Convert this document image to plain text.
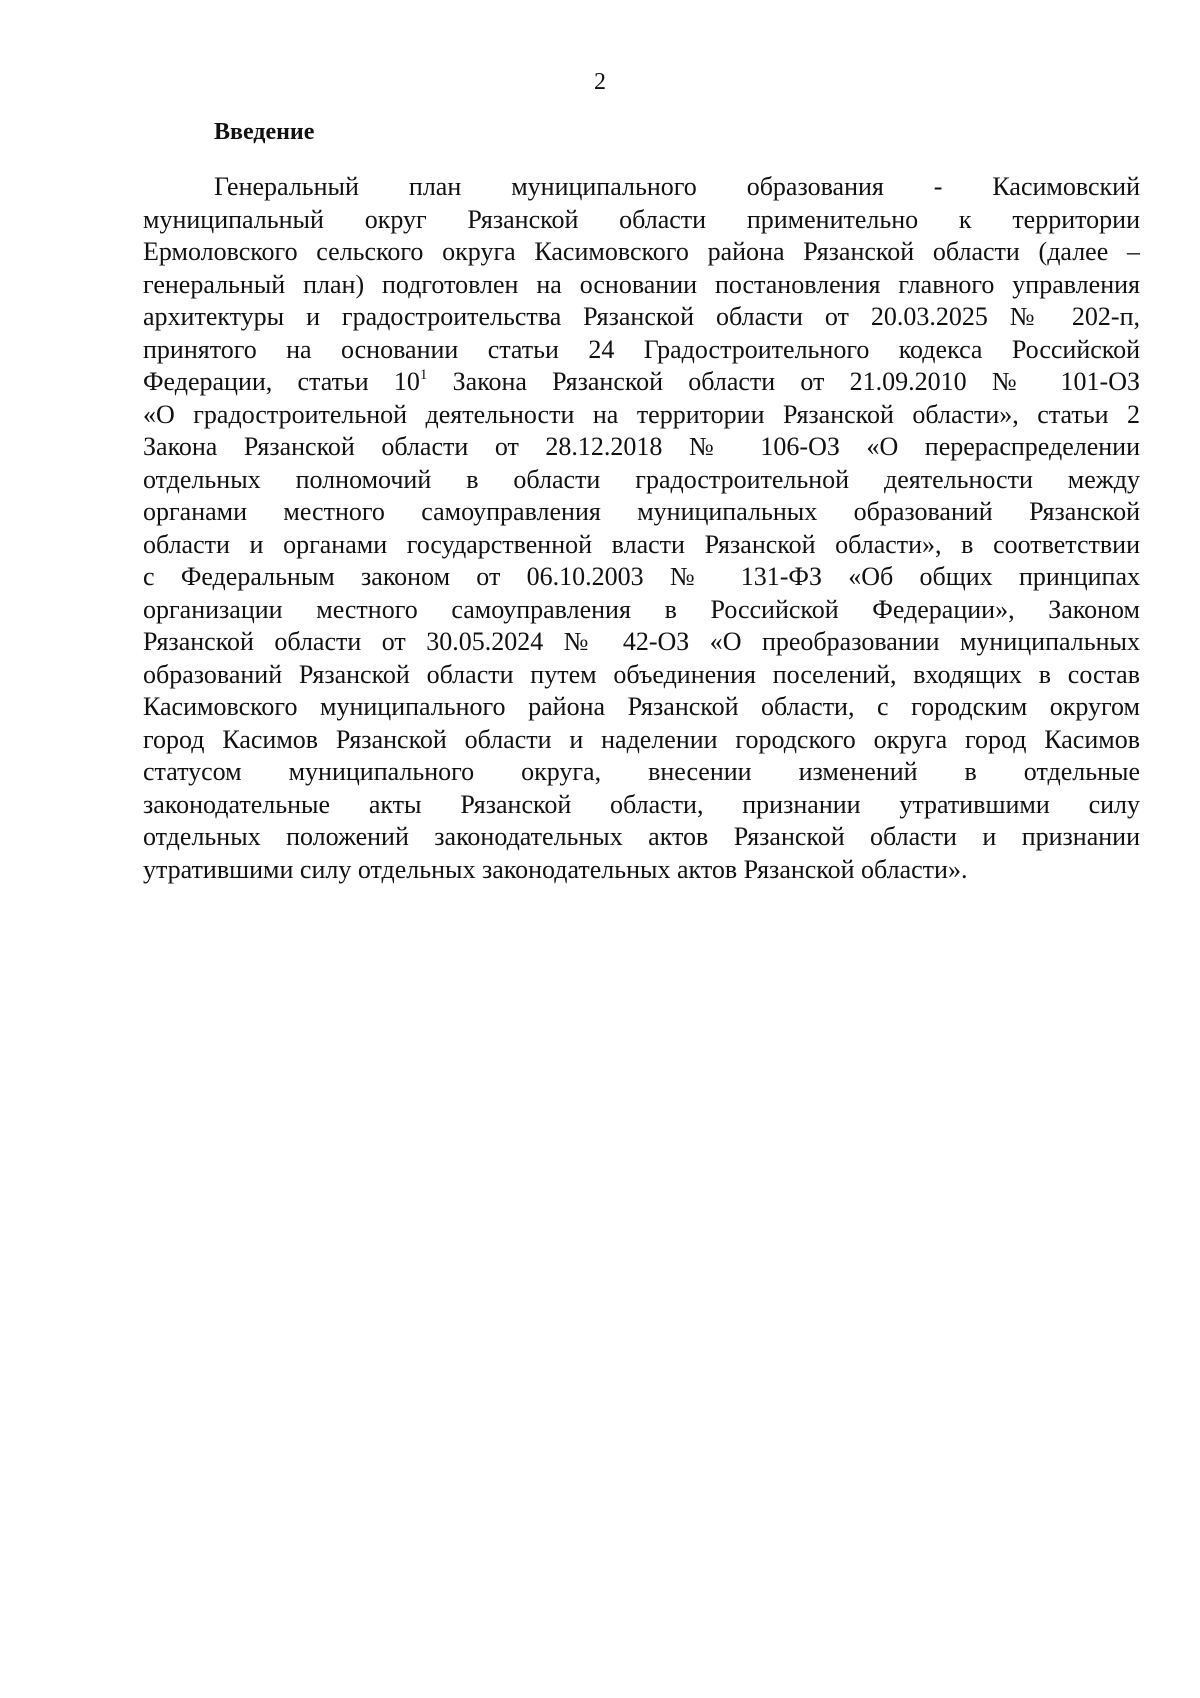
2
Введение
Генеральный план муниципального образования - Касимовский
муниципальный округ Рязанской области применительно к территории
Ермоловского сельского округа Касимовского района Рязанской области (далее –
генеральный план) подготовлен на основании постановления главного управления
архитектуры и градостроительства Рязанской области от 20.03.2025 № 202-п,
принятого на основании статьи 24 Градостроительного кодекса Российской
Федерации, статьи $10^1$ Закона Рязанской области от 21.09.2010 № 101-ОЗ
«О градостроительной деятельности на территории Рязанской области», статьи 2
Закона Рязанской области от 28.12.2018 № 106-ОЗ «О перераспределении
отдельных полномочий в области градостроительной деятельности между
органами местного самоуправления муниципальных образований Рязанской
области и органами государственной власти Рязанской области», в соответствии
с Федеральным законом от 06.10.2003 № 131-ФЗ «Об общих принципах
организации местного самоуправления в Российской Федерации», Законом
Рязанской области от 30.05.2024 № 42-ОЗ «О преобразовании муниципальных
образований Рязанской области путем объединения поселений, входящих в состав
Касимовского муниципального района Рязанской области, с городским округом
город Касимов Рязанской области и наделении городского округа город Касимов
статусом муниципального округа, внесении изменений в отдельные
законодательные акты Рязанской области, признании утратившими силу
отдельных положений законодательных актов Рязанской области и признании
утратившими силу отдельных законодательных актов Рязанской области».
